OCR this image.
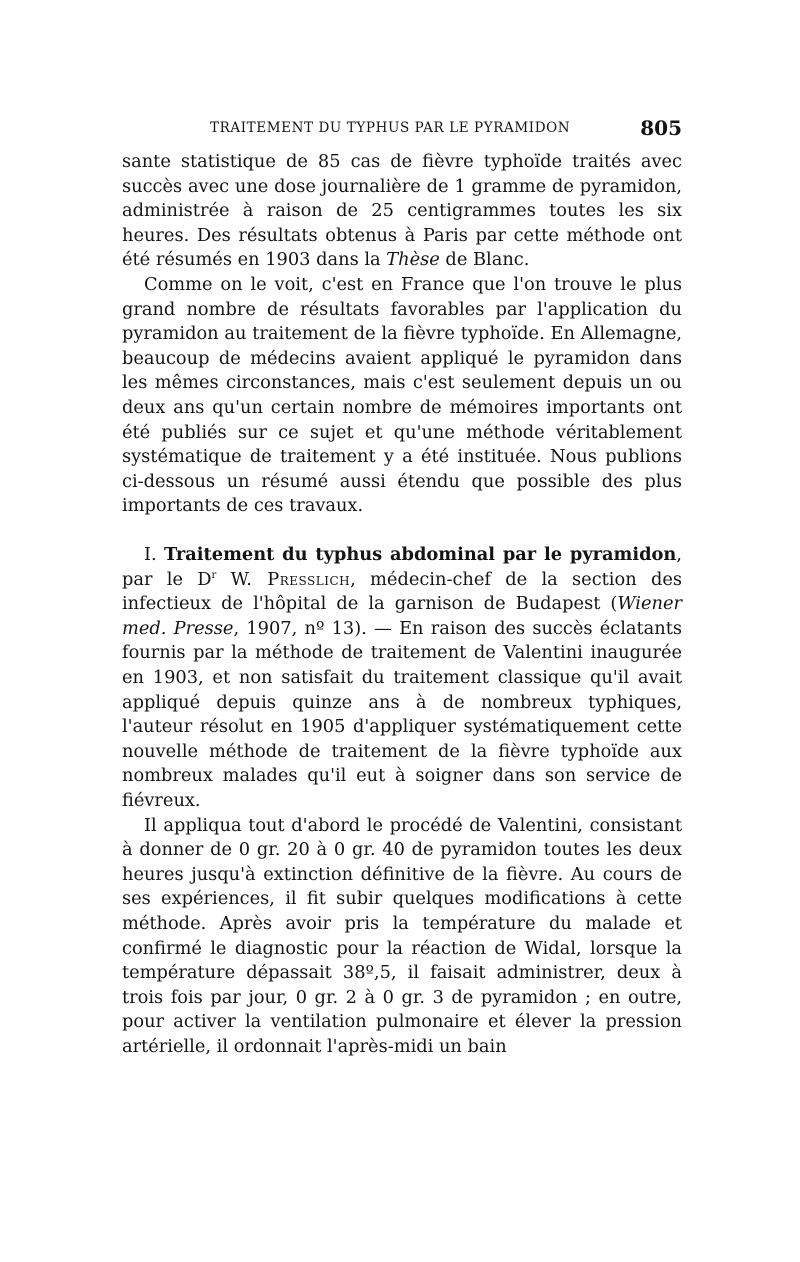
TRAITEMENT DU TYPHUS PAR LE PYRAMIDON	805

sante statistique de 85 cas de fièvre typhoïde traités avec succès avec une dose journalière de 1 gramme de pyramidon, administrée à raison de 25 centigrammes toutes les six heures. Des résultats obtenus à Paris par cette méthode ont été résumés en 1903 dans la Thèse de Blanc.

Comme on le voit, c'est en France que l'on trouve le plus grand nombre de résultats favorables par l'application du pyramidon au traitement de la fièvre typhoïde. En Allemagne, beaucoup de médecins avaient appliqué le pyramidon dans les mêmes circonstances, mais c'est seulement depuis un ou deux ans qu'un certain nombre de mémoires importants ont été publiés sur ce sujet et qu'une méthode véritablement systématique de traitement y a été instituée. Nous publions ci-dessous un résumé aussi étendu que possible des plus importants de ces travaux.

I. Traitement du typhus abdominal par le pyramidon, par le $D^r$ W. Presslich, médecin-chef de la section des infectieux de l'hôpital de la garnison de Budapest (Wiener med. Presse, 1907, nº 13). — En raison des succès éclatants fournis par la méthode de traitement de Valentini inaugurée en 1903, et non satisfait du traitement classique qu'il avait appliqué depuis quinze ans à de nombreux typhiques, l'auteur résolut en 1905 d'appliquer systématiquement cette nouvelle méthode de traitement de la fièvre typhoïde aux nombreux malades qu'il eut à soigner dans son service de fiévreux.

Il appliqua tout d'abord le procédé de Valentini, consistant à donner de 0 gr. 20 à 0 gr. 40 de pyramidon toutes les deux heures jusqu'à extinction définitive de la fièvre. Au cours de ses expériences, il fit subir quelques modifications à cette méthode. Après avoir pris la température du malade et confirmé le diagnostic pour la réaction de Widal, lorsque la température dépassait 38º,5, il faisait administrer, deux à trois fois par jour, 0 gr. 2 à 0 gr. 3 de pyramidon ; en outre, pour activer la ventilation pulmonaire et élever la pression artérielle, il ordonnait l'après-midi un bain
